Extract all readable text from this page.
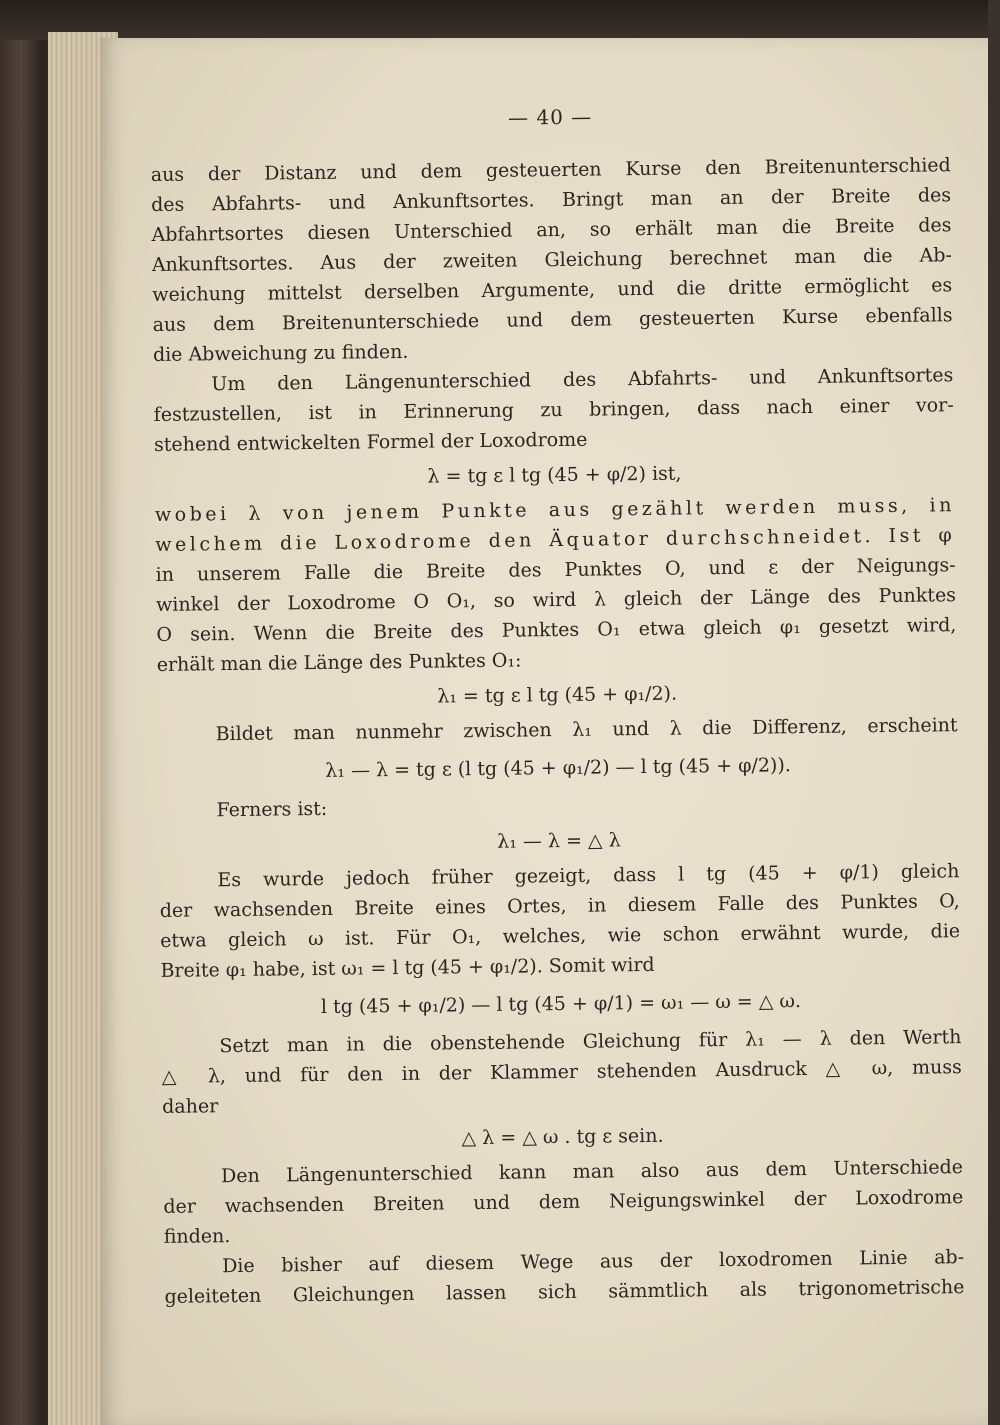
— 40 —
aus der Distanz und dem gesteuerten Kurse den Breitenunterschied
des Abfahrts- und Ankunftsortes. Bringt man an der Breite des
Abfahrtsortes diesen Unterschied an, so erhält man die Breite des
Ankunftsortes. Aus der zweiten Gleichung berechnet man die Ab-
weichung mittelst derselben Argumente, und die dritte ermöglicht es
aus dem Breitenunterschiede und dem gesteuerten Kurse ebenfalls
die Abweichung zu finden.
Um den Längenunterschied des Abfahrts- und Ankunftsortes
festzustellen, ist in Erinnerung zu bringen, dass nach einer vor-
stehend entwickelten Formel der Loxodrome
λ = tg ε l tg (45 + φ/2) ist,
wobei λ von jenem Punkte aus gezählt werden muss, in
welchem die Loxodrome den Äquator durchschneidet. Ist φ
in unserem Falle die Breite des Punktes O, und ε der Neigungs-
winkel der Loxodrome O O₁, so wird λ gleich der Länge des Punktes
O sein. Wenn die Breite des Punktes O₁ etwa gleich φ₁ gesetzt wird,
erhält man die Länge des Punktes O₁:
λ₁ = tg ε l tg (45 + φ₁/2).
Bildet man nunmehr zwischen λ₁ und λ die Differenz, erscheint
λ₁ — λ = tg ε (l tg (45 + φ₁/2) — l tg (45 + φ/2)).
Ferners ist:
λ₁ — λ = △ λ
Es wurde jedoch früher gezeigt, dass l tg (45 + φ/1) gleich
der wachsenden Breite eines Ortes, in diesem Falle des Punktes O,
etwa gleich ω ist. Für O₁, welches, wie schon erwähnt wurde, die
Breite φ₁ habe, ist ω₁ = l tg (45 + φ₁/2). Somit wird
l tg (45 + φ₁/2) — l tg (45 + φ/1) = ω₁ — ω = △ ω.
Setzt man in die obenstehende Gleichung für λ₁ — λ den Werth
△ λ, und für den in der Klammer stehenden Ausdruck △ ω, muss
daher
△ λ = △ ω . tg ε sein.
Den Längenunterschied kann man also aus dem Unterschiede
der wachsenden Breiten und dem Neigungswinkel der Loxodrome
finden.
Die bisher auf diesem Wege aus der loxodromen Linie ab-
geleiteten Gleichungen lassen sich sämmtlich als trigonometrische
